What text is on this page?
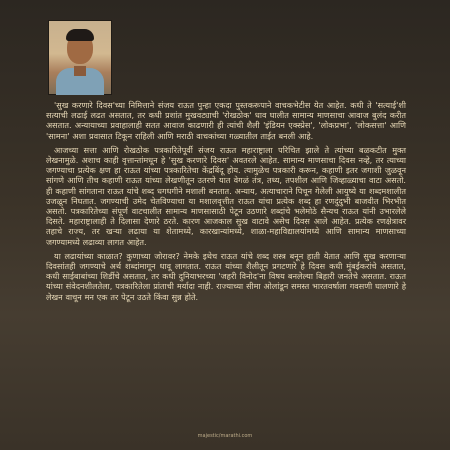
'सुख करणारे दिवस'च्या निमित्ताने संजय राऊत पुन्हा एकदा पुस्तकरूपाने वाचकभेटीस येत आहेत. कधी ते 'सत्याई'शी सत्याची लढाई लढत असतात, तर कधी प्रशांत मुखवट्याची 'रोखठोक' धाव घालीत सामान्य माणसाचा आवाज बुलंद करीत असतात. अन्यायाच्या प्रवाहालाही सतत आवाज काढणारी ही त्यांची शैली 'इंडियन एक्स्प्रेस', 'लोकप्रभा', 'लोकसत्ता' आणि 'सामना' अशा प्रवासात टिकून राहिली आणि मराठी वाचकांच्या गळ्यातील ताईत बनली आहे.

आजच्या सत्ता आणि रोखठोक पत्रकारितेपूर्वी संजय राऊत महाराष्ट्राला परिचित झाले ते त्यांच्या बळकटीत मुक्त लेखनामुळे. अशाच काही वृत्तान्तांमधून हे 'सुख करणारे दिवस' अवतरले आहेत. सामान्य माणसाचा दिवस नव्हे, तर त्याच्या जगण्याचा प्रत्येक क्षण हा राऊत यांच्या पत्रकारितेचा केंद्रबिंदू होय. त्यामुळेच पत्रकारी करून, कहाणी इतर जगाशी जुळवून सांगणे आणि तीच कहाणी राऊत यांच्या लेखणीतून उतरणे यात वेगळं तंत्र, तथ्य, तपशील आणि जिव्हाळ्याचा वाटा असतो. ही कहाणी सांगताना राऊत यांचे शब्द धगधगीने मशाली बनतात. अन्याय, अत्याचाराने पिचून गेलेली आयुष्ये या शब्दमशालीत उजळून निघतात. जगण्याची उमेद चेतविण्याचा या मशालवृत्तीत राऊत यांचा प्रत्येक शब्द हा रणदुंदुभी बाजवीत भिरभीत असतो. पत्रकारितेच्या संपूर्ण वाटचालीत सामान्य माणसासाठी पेटून उठणारे शब्दांचे भलेमोठे सैन्यच राऊत यांनी उभारलेले दिसते. महाराष्ट्रालाही ते दिलासा देणारे ठरते. कारण आजकाल सुख वाटावे असेच दिवस आले आहेत. प्रत्येक रणक्षेत्रावर तहाचे राज्य, तर खऱ्या लढाया या शेतामध्ये, कारखान्यांमध्ये, शाळा-महाविद्यालयांमध्ये आणि सामान्य माणसाच्या जगण्यामध्ये लढाव्या लागत आहेत.

या लढायांच्या काळात? कुणाच्या जोरावर? नेमके इथेच राऊत यांचे शब्द शस्त्र बनून हाती येतात आणि सुख करणाऱ्या दिवसांतही जगण्याचे अर्थ शब्दांमागून धावू लागतात. राऊत यांच्या शैलीतून प्रगटणारे हे दिवस कधी मुंबईकरांचे असतात, कधी साईबाबांच्या शिर्डीचे असतात, तर कधी दुनियाभरच्या 'जहरी विनोद'ना विषय बनलेल्या बिहारी जनतेचे असतात. राऊत यांच्या संवेदनशीलतेला, पत्रकारितेला प्रांताची मर्यादा नाही. राज्याच्या सीमा ओलांडून समस्त भारतवर्षाला गवसणी घालणारे हे लेखन वाचून मन एक तर पेटून उठते किंवा सुन्न होते.

majestic/marathi.com
